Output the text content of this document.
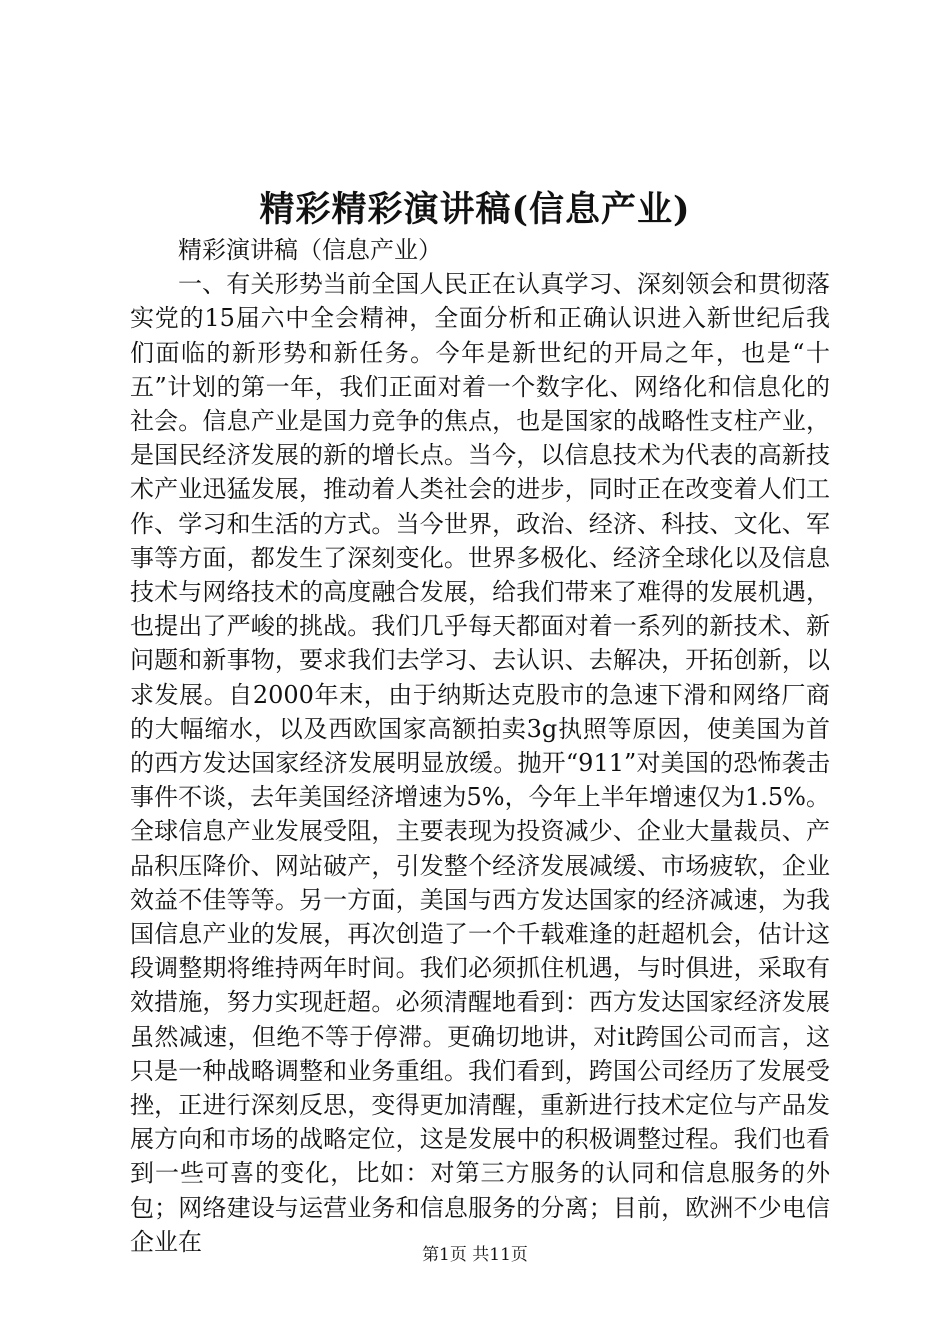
精彩精彩演讲稿(信息产业)

精彩演讲稿（信息产业）

一、有关形势当前全国人民正在认真学习、深刻领会和贯彻落实党的15届六中全会精神，全面分析和正确认识进入新世纪后我们面临的新形势和新任务。今年是新世纪的开局之年，也是“十五”计划的第一年，我们正面对着一个数字化、网络化和信息化的社会。信息产业是国力竞争的焦点，也是国家的战略性支柱产业，是国民经济发展的新的增长点。当今，以信息技术为代表的高新技术产业迅猛发展，推动着人类社会的进步，同时正在改变着人们工作、学习和生活的方式。当今世界，政治、经济、科技、文化、军事等方面，都发生了深刻变化。世界多极化、经济全球化以及信息技术与网络技术的高度融合发展，给我们带来了难得的发展机遇，也提出了严峻的挑战。我们几乎每天都面对着一系列的新技术、新问题和新事物，要求我们去学习、去认识、去解决，开拓创新，以求发展。自2000年末，由于纳斯达克股市的急速下滑和网络厂商的大幅缩水，以及西欧国家高额拍卖3g执照等原因，使美国为首的西方发达国家经济发展明显放缓。抛开“911”对美国的恐怖袭击事件不谈，去年美国经济增速为5%，今年上半年增速仅为1.5%。全球信息产业发展受阻，主要表现为投资减少、企业大量裁员、产品积压降价、网站破产，引发整个经济发展减缓、市场疲软，企业效益不佳等等。另一方面，美国与西方发达国家的经济减速，为我国信息产业的发展，再次创造了一个千载难逢的赶超机会，估计这段调整期将维持两年时间。我们必须抓住机遇，与时俱进，采取有效措施，努力实现赶超。必须清醒地看到：西方发达国家经济发展虽然减速，但绝不等于停滞。更确切地讲，对it跨国公司而言，这只是一种战略调整和业务重组。我们看到，跨国公司经历了发展受挫，正进行深刻反思，变得更加清醒，重新进行技术定位与产品发展方向和市场的战略定位，这是发展中的积极调整过程。我们也看到一些可喜的变化，比如：对第三方服务的认同和信息服务的外包；网络建设与运营业务和信息服务的分离；目前，欧洲不少电信企业在	第1页 共11页
